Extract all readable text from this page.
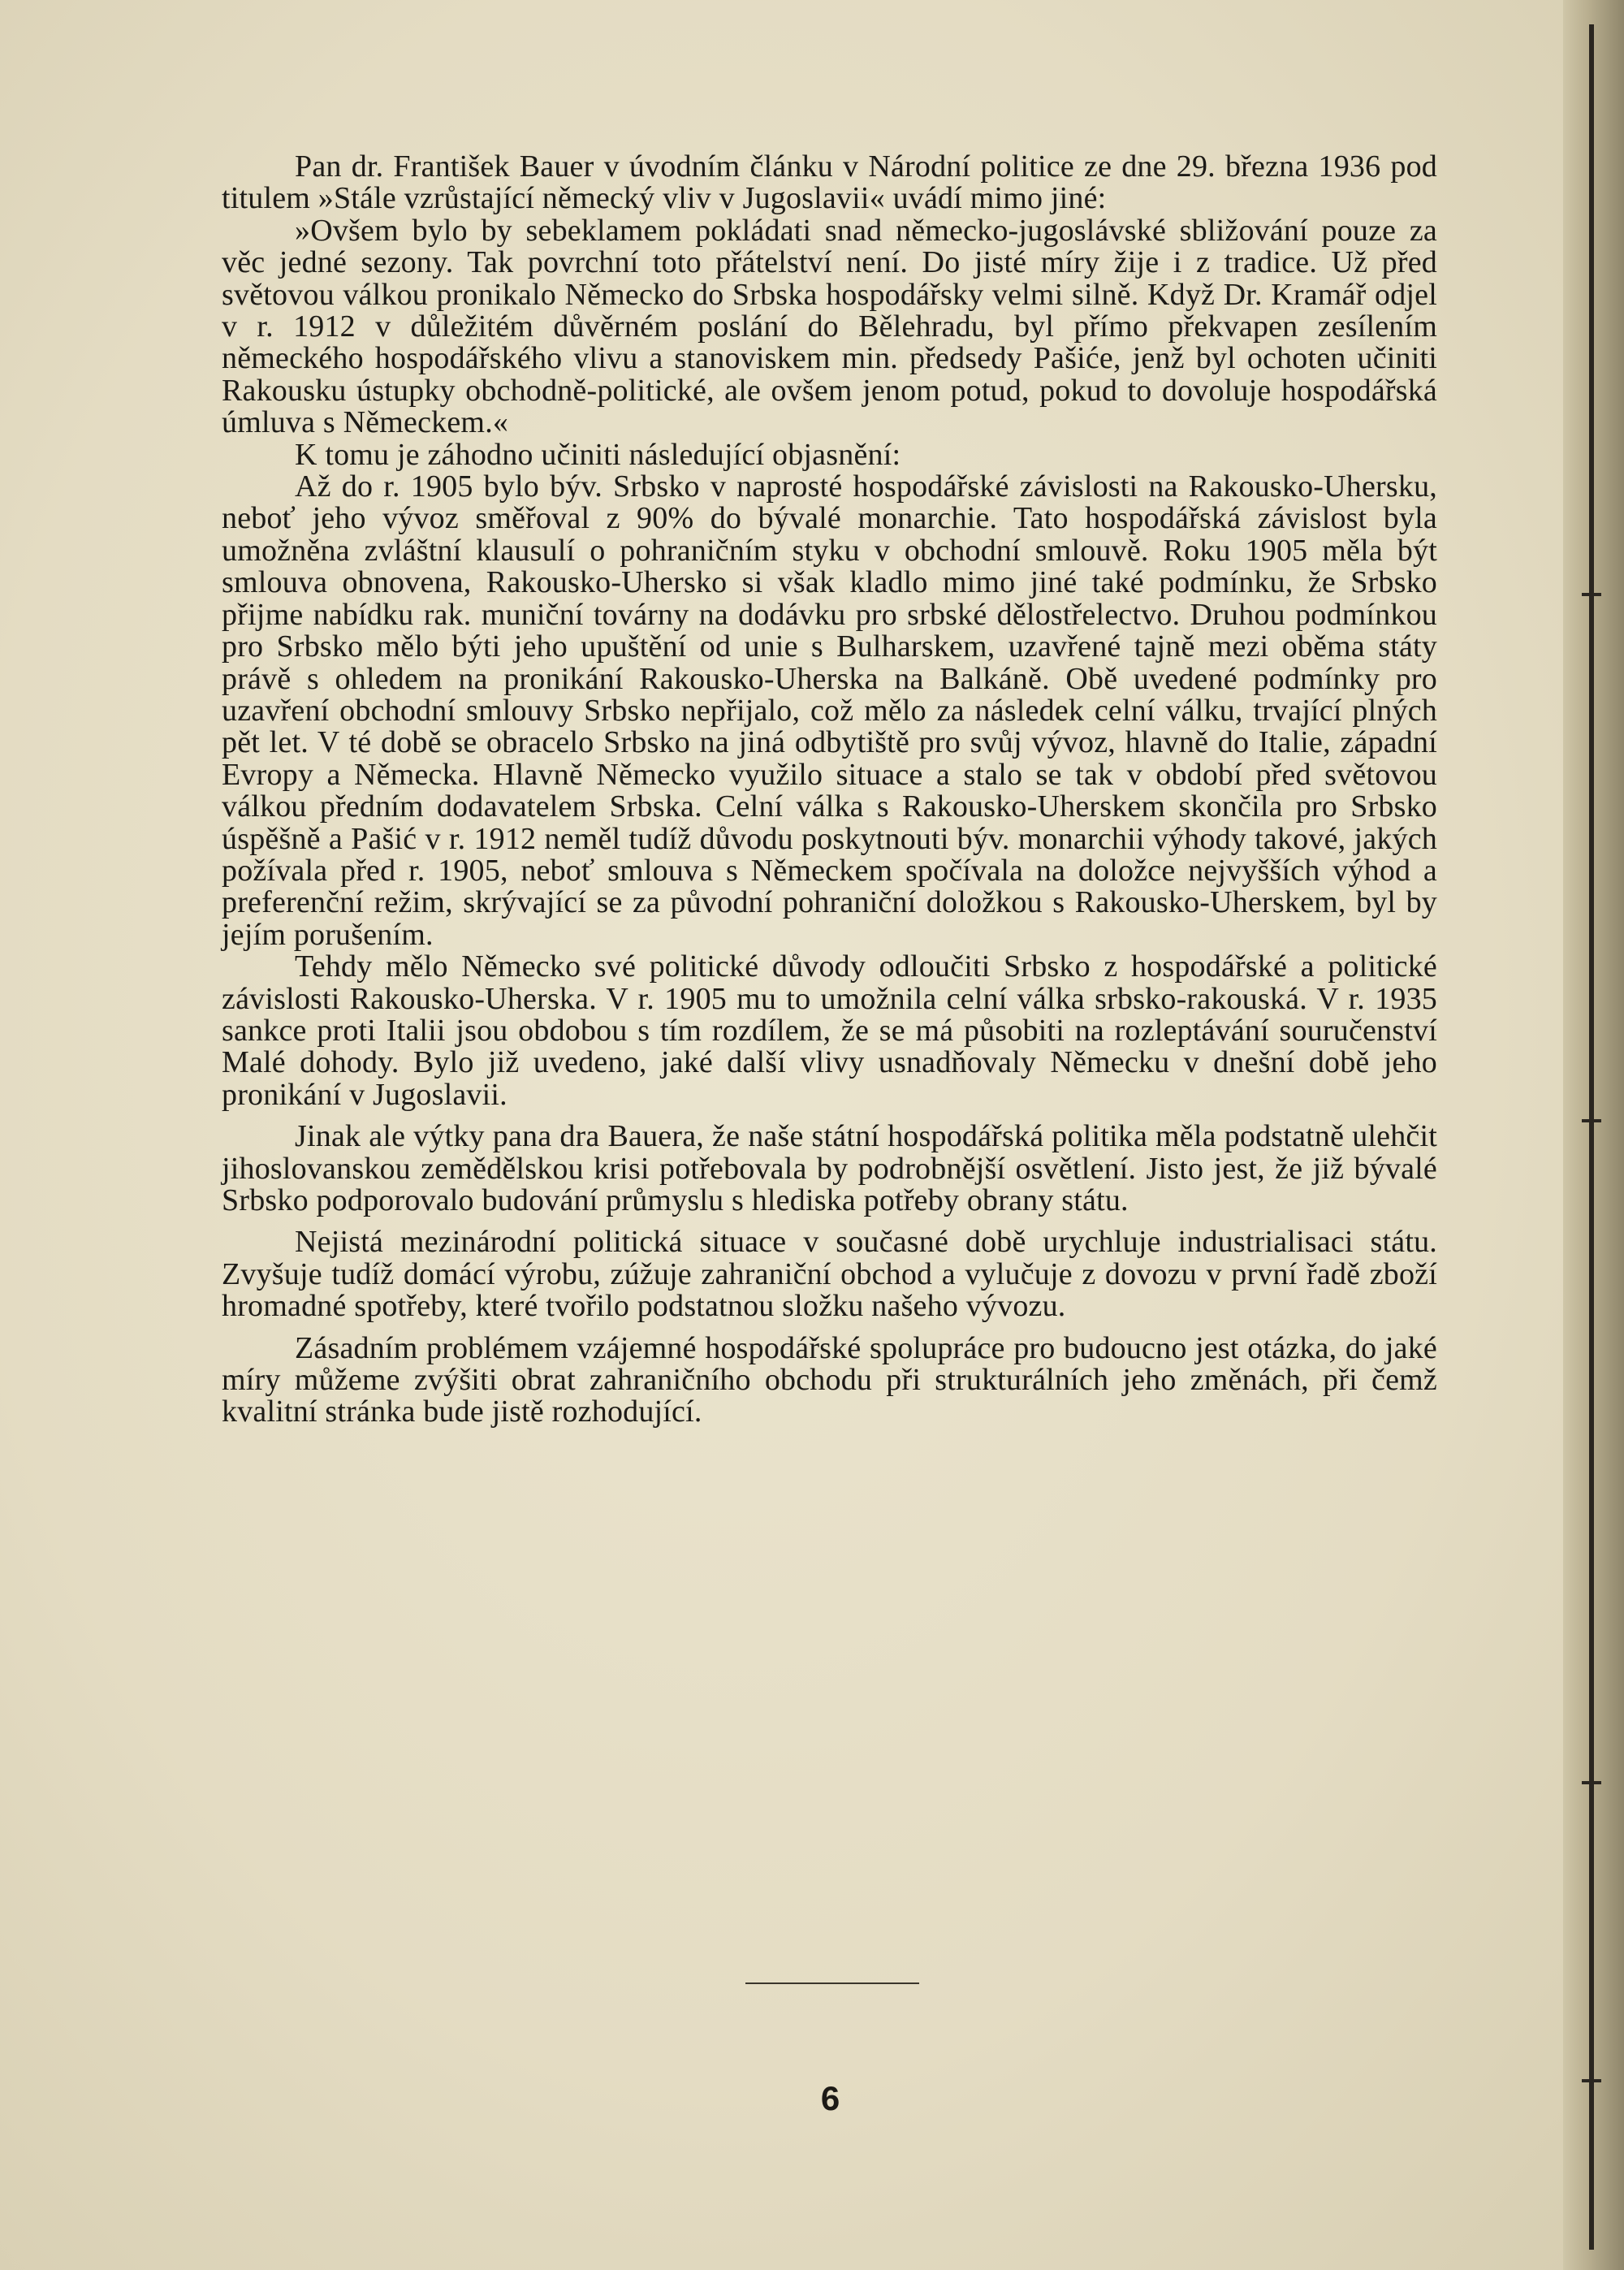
Pan dr. František Bauer v úvodním článku v Národní politice ze dne 29. března 1936 pod titulem »Stále vzrůstající německý vliv v Jugoslavii« uvádí mimo jiné:

»Ovšem bylo by sebeklamem pokládati snad německo-jugoslávské sbližování pouze za věc jedné sezony. Tak povrchní toto přátelství není. Do jisté míry žije i z tradice. Už před světovou válkou pronikalo Německo do Srbska hospodářsky velmi silně. Když Dr. Kramář odjel v r. 1912 v důležitém důvěrném poslání do Bělehradu, byl přímo překvapen zesílením německého hospodářského vlivu a stanoviskem min. předsedy Pašiće, jenž byl ochoten učiniti Rakousku ústupky obchodně-politické, ale ovšem jenom potud, pokud to dovoluje hospodářská úmluva s Německem.«

K tomu je záhodno učiniti následující objasnění:

Až do r. 1905 bylo býv. Srbsko v naprosté hospodářské závislosti na Rakousko-Uhersku, neboť jeho vývoz směřoval z 90% do bývalé monarchie. Tato hospodářská závislost byla umožněna zvláštní klausulí o pohraničním styku v obchodní smlouvě. Roku 1905 měla být smlouva obnovena, Rakousko-Uhersko si však kladlo mimo jiné také podmínku, že Srbsko přijme nabídku rak. muniční továrny na dodávku pro srbské dělostřelectvo. Druhou podmínkou pro Srbsko mělo býti jeho upuštění od unie s Bulharskem, uzavřené tajně mezi oběma státy právě s ohledem na pronikání Rakousko-Uherska na Balkáně. Obě uvedené podmínky pro uzavření obchodní smlouvy Srbsko nepřijalo, což mělo za následek celní válku, trvající plných pět let. V té době se obracelo Srbsko na jiná odbytiště pro svůj vývoz, hlavně do Italie, západní Evropy a Německa. Hlavně Německo využilo situace a stalo se tak v období před světovou válkou předním dodavatelem Srbska. Celní válka s Rakousko-Uherskem skončila pro Srbsko úspěšně a Pašić v r. 1912 neměl tudíž důvodu poskytnouti býv. monarchii výhody takové, jakých požívala před r. 1905, neboť smlouva s Německem spočívala na doložce nejvyšších výhod a preferenční režim, skrývající se za původní pohraniční doložkou s Rakousko-Uherskem, byl by jejím porušením.

Tehdy mělo Německo své politické důvody odloučiti Srbsko z hospodářské a politické závislosti Rakousko-Uherska. V r. 1905 mu to umožnila celní válka srbsko-rakouská. V r. 1935 sankce proti Italii jsou obdobou s tím rozdílem, že se má působiti na rozleptávání souručenství Malé dohody. Bylo již uvedeno, jaké další vlivy usnadňovaly Německu v dnešní době jeho pronikání v Jugoslavii.

Jinak ale výtky pana dra Bauera, že naše státní hospodářská politika měla podstatně ulehčit jihoslovanskou zemědělskou krisi potřebovala by podrobnější osvětlení. Jisto jest, že již bývalé Srbsko podporovalo budování průmyslu s hlediska potřeby obrany státu.

Nejistá mezinárodní politická situace v současné době urychluje industrialisaci státu. Zvyšuje tudíž domácí výrobu, zúžuje zahraniční obchod a vylučuje z dovozu v první řadě zboží hromadné spotřeby, které tvořilo podstatnou složku našeho vývozu.

Zásadním problémem vzájemné hospodářské spolupráce pro budoucno jest otázka, do jaké míry můžeme zvýšiti obrat zahraničního obchodu při strukturálních jeho změnách, při čemž kvalitní stránka bude jistě rozhodující.

6
